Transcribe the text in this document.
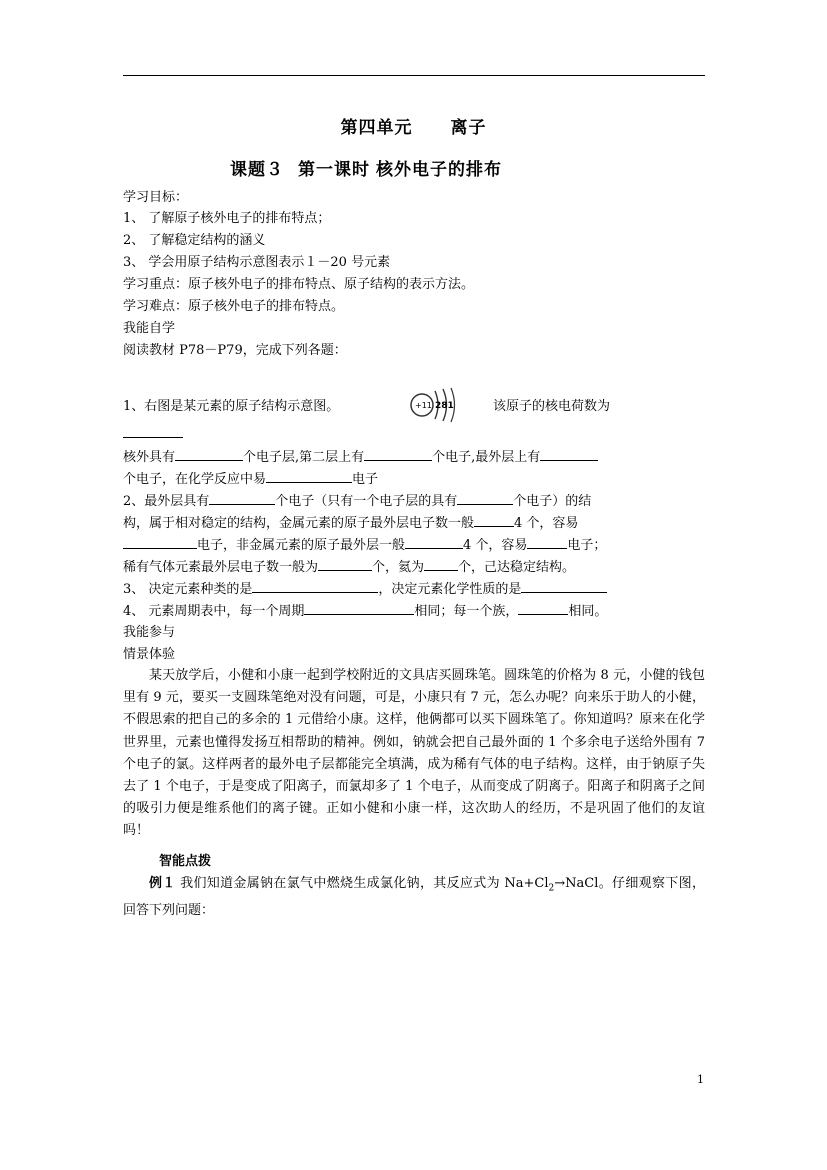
第四单元 离子
课题３ 第一课时 核外电子的排布
学习目标：
1、 了解原子核外电子的排布特点；
2、 了解稳定结构的涵义
3、 学会用原子结构示意图表示１－20 号元素
学习重点：原子核外电子的排布特点、原子结构的表示方法。
学习难点：原子核外电子的排布特点。
我能自学
阅读教材 P78－P79，完成下列各题：
1、右图是某元素的原子结构示意图。	+11 281	该原子的核电荷数为
核外具有	个电子层,第二层上有	个电子,最外层上有
个电子，在化学反应中易	电子
2、最外层具有	个电子（只有一个电子层的具有	个电子）的结
构，属于相对稳定的结构，金属元素的原子最外层电子数一般	4 个，容易
电子，非金属元素的原子最外层一般	4 个，容易	电子；
稀有气体元素最外层电子数一般为	个，氦为	个，己达稳定结构。
3、 决定元素种类的是	，决定元素化学性质的是
4、 元素周期表中，每一个周期	相同；每一个族，	相同。
我能参与
情景体验
某天放学后，小健和小康一起到学校附近的文具店买圆珠笔。圆珠笔的价格为 8 元，小健的钱包里有 9 元，要买一支圆珠笔绝对没有问题，可是，小康只有 7 元，怎么办呢？向来乐于助人的小健，不假思索的把自己的多余的 1 元借给小康。这样，他俩都可以买下圆珠笔了。你知道吗？原来在化学世界里，元素也懂得发扬互相帮助的精神。例如，钠就会把自己最外面的 1 个多余电子送给外围有 7 个电子的氯。这样两者的最外电子层都能完全填满，成为稀有气体的电子结构。这样，由于钠原子失去了 1 个电子，于是变成了阳离子，而氯却多了 1 个电子，从而变成了阴离子。阳离子和阴离子之间的吸引力便是维系他们的离子键。正如小健和小康一样，这次助人的经历，不是巩固了他们的友谊吗！
智能点拨
例１ 我们知道金属钠在氯气中燃烧生成氯化钠，其反应式为 $Na+Cl_2\to NaCl$。仔细观察下图，回答下列问题：
1
